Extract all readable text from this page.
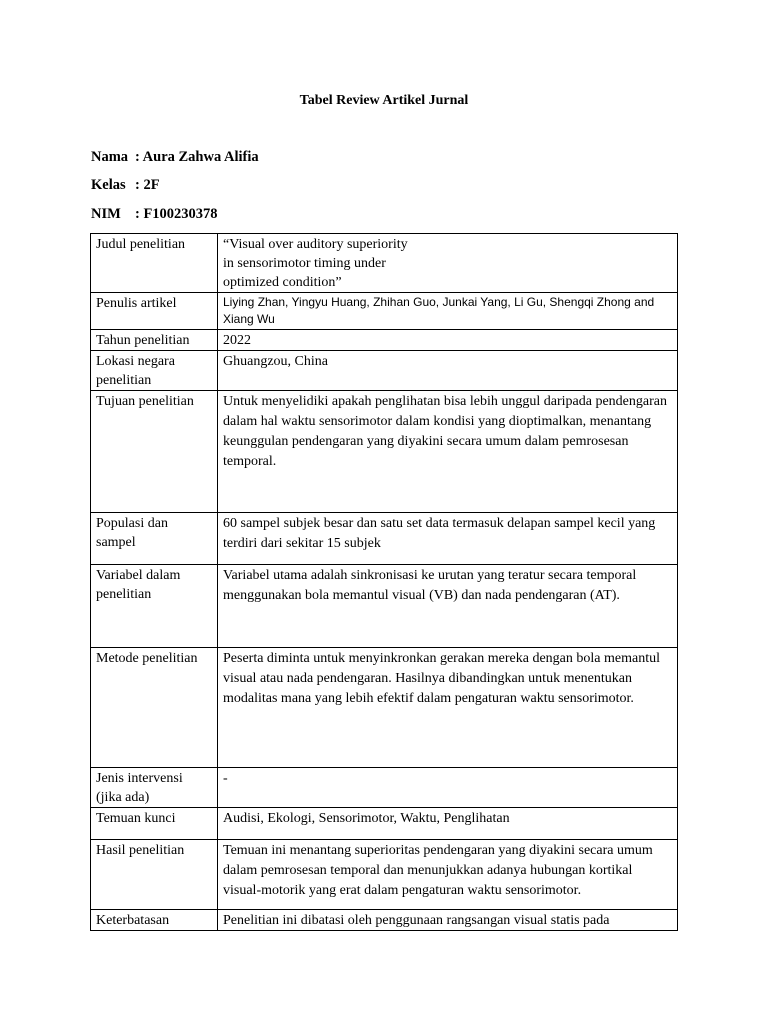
Tabel Review Artikel Jurnal
Nama : Aura Zahwa Alifia
Kelas : 2F
NIM : F100230378
Judul penelitian	“Visual over auditory superiority
in sensorimotor timing under
optimized condition”

Penulis artikel	Liying Zhan, Yingyu Huang, Zhihan Guo, Junkai Yang, Li Gu, Shengqi Zhong and Xiang Wu
Tahun penelitian	2022
Lokasi negara penelitian	Ghuangzou, China
Tujuan penelitian	Untuk menyelidiki apakah penglihatan bisa lebih unggul daripada pendengaran dalam hal waktu sensorimotor dalam kondisi yang dioptimalkan, menantang keunggulan pendengaran yang diyakini secara umum dalam pemrosesan temporal.
Populasi dan sampel	60 sampel subjek besar dan satu set data termasuk delapan sampel kecil yang terdiri dari sekitar 15 subjek
Variabel dalam penelitian	Variabel utama adalah sinkronisasi ke urutan yang teratur secara temporal menggunakan bola memantul visual (VB) dan nada pendengaran (AT).
Metode penelitian	Peserta diminta untuk menyinkronkan gerakan mereka dengan bola memantul visual atau nada pendengaran. Hasilnya dibandingkan untuk menentukan modalitas mana yang lebih efektif dalam pengaturan waktu sensorimotor.
Jenis intervensi (jika ada)	-
Temuan kunci	Audisi, Ekologi, Sensorimotor, Waktu, Penglihatan
Hasil penelitian	Temuan ini menantang superioritas pendengaran yang diyakini secara umum dalam pemrosesan temporal dan menunjukkan adanya hubungan kortikal visual-motorik yang erat dalam pengaturan waktu sensorimotor.
Keterbatasan	Penelitian ini dibatasi oleh penggunaan rangsangan visual statis pada
